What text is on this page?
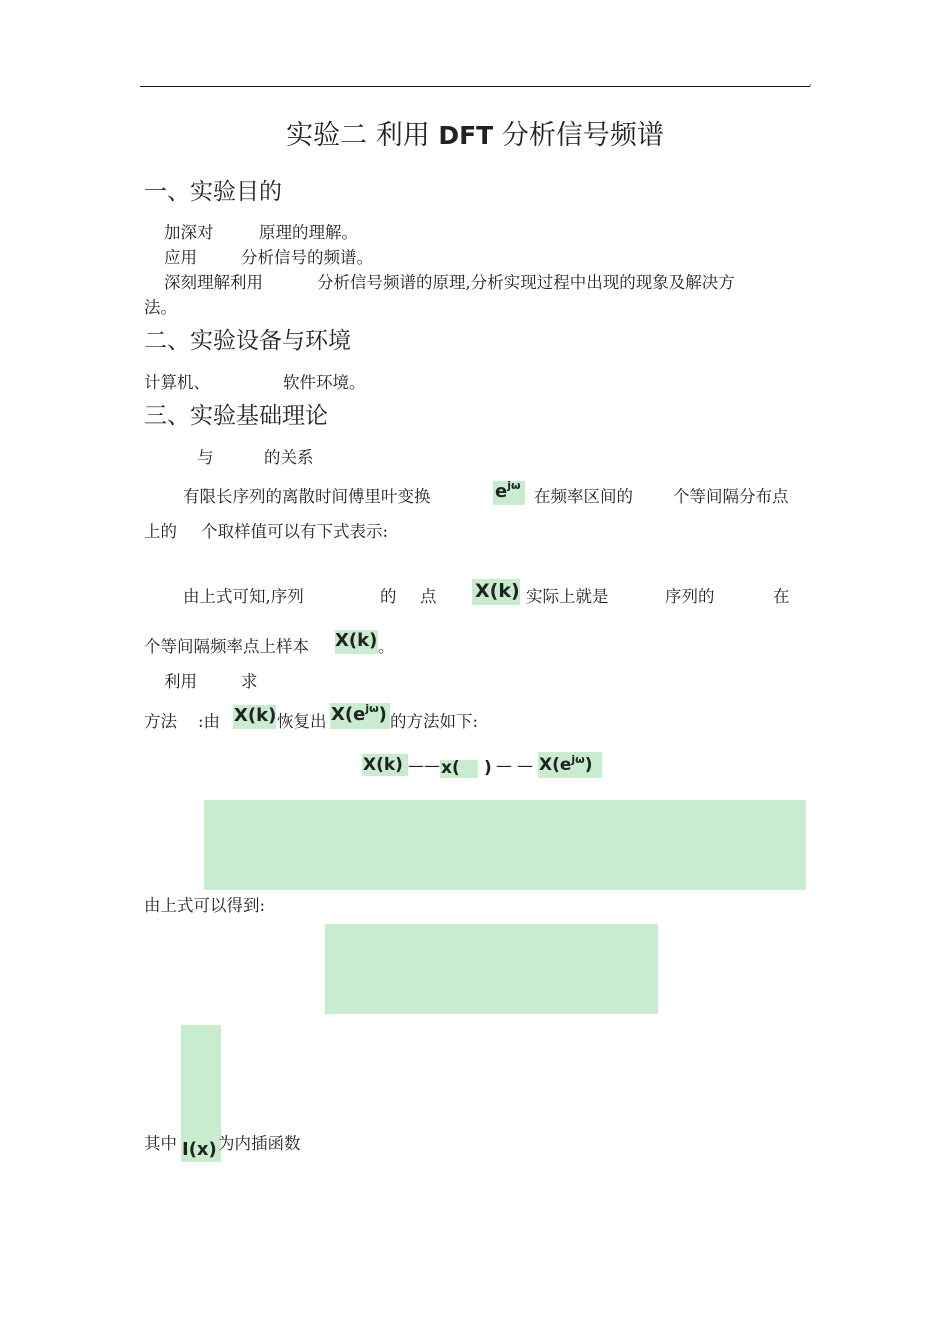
'
实验二 利用 DFT 分析信号频谱
一、实验目的
加深对	原理的理解。
应用	分析信号的频谱。
深刻理解利用	分析信号频谱的原理,分析实现过程中出现的现象及解决方
法。
二、实验设备与环境
计算机、	软件环境。
三、实验基础理论
与	的关系
有限长序列的离散时间傅里叶变换	$e^{j\omega}$
在频率区间的 个等间隔分布点
上的 个取样值可以有下式表示:
由上式可知,序列	的 点 X(k) 实际上就是	序列的	在
个等间隔频率点上样本 X(k) 。
利用	求
方法 :由 X(k) 恢复出 $X(e^{j\omega})$ 的方法如下:
X(k) —— x( ) — — $X(e^{j\omega})$
由上式可以得到:
其中 I(x) 为内插函数
